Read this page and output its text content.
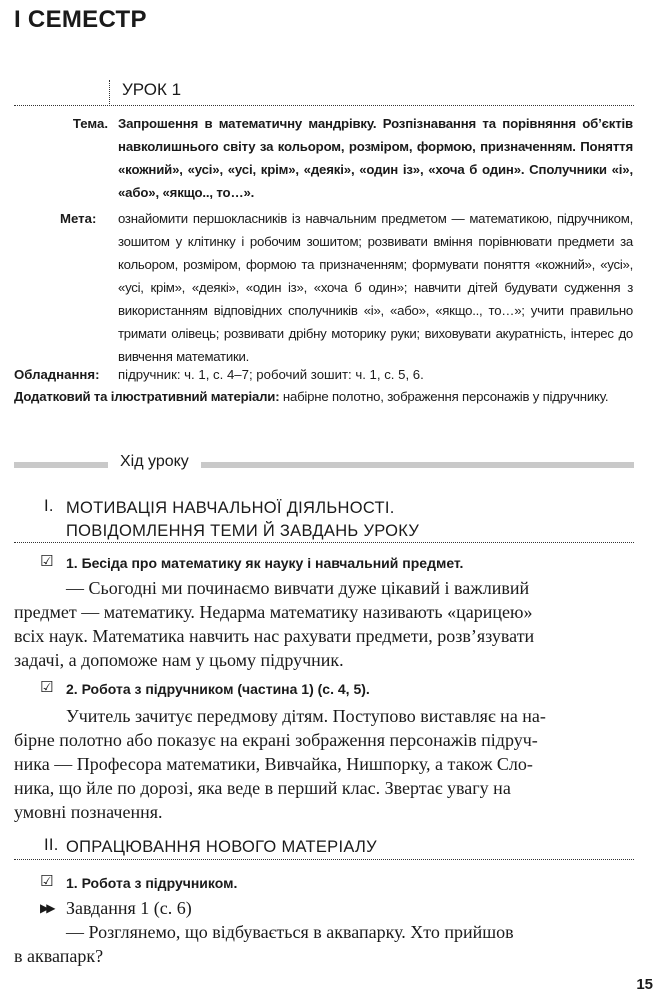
І СЕМЕСТР
УРОК 1
Тема. Запрошення в математичну мандрівку. Розпізнавання та порівняння об’єктів навколишнього світу за кольором, розміром, формою, призначенням. Поняття «кожний», «усі», «усі, крім», «деякі», «один із», «хоча б один». Сполучники «і», «або», «якщо.., то…».
Мета: ознайомити першокласників із навчальним предметом — математикою, підручником, зошитом у клітинку і робочим зошитом; розвивати вміння порівнювати предмети за кольором, розміром, формою та призначенням; формувати поняття «кожний», «усі», «усі, крім», «деякі», «один із», «хоча б один»; навчити дітей будувати судження з використанням відповідних сполучників «і», «або», «якщо.., то…»; учити правильно тримати олівець; розвивати дрібну моторику руки; виховувати акуратність, інтерес до вивчення математики.
Обладнання: підручник: ч. 1, с. 4–7; робочий зошит: ч. 1, с. 5, 6.
Додатковий та ілюстративний матеріали: набірне полотно, зображення персонажів у підручнику.
Хід уроку
I. МОТИВАЦІЯ НАВЧАЛЬНОЇ ДІЯЛЬНОСТІ.
ПОВІДОМЛЕННЯ ТЕМИ Й ЗАВДАНЬ УРОКУ
☑ 1. Бесіда про математику як науку і навчальний предмет.
— Сьогодні ми починаємо вивчати дуже цікавий і важливий
предмет — математику. Недарма математику називають «царицею»
всіх наук. Математика навчить нас рахувати предмети, розв’язувати
задачі, а допоможе нам у цьому підручник.
☑ 2. Робота з підручником (частина 1) (с. 4, 5).
Учитель зачитує передмову дітям. Поступово виставляє на на-
бірне полотно або показує на екрані зображення персонажів підруч-
ника — Професора математики, Вивчайка, Нишпорку, а також Сло-
ника, що йле по дорозі, яка веде в перший клас. Звертає увагу на
умовні позначення.
II. ОПРАЦЮВАННЯ НОВОГО МАТЕРІАЛУ
☑ 1. Робота з підручником.
▶▶ Завдання 1 (с. 6)
— Розглянемо, що відбувається в аквапарку. Хто прийшов
в аквапарк?
15
